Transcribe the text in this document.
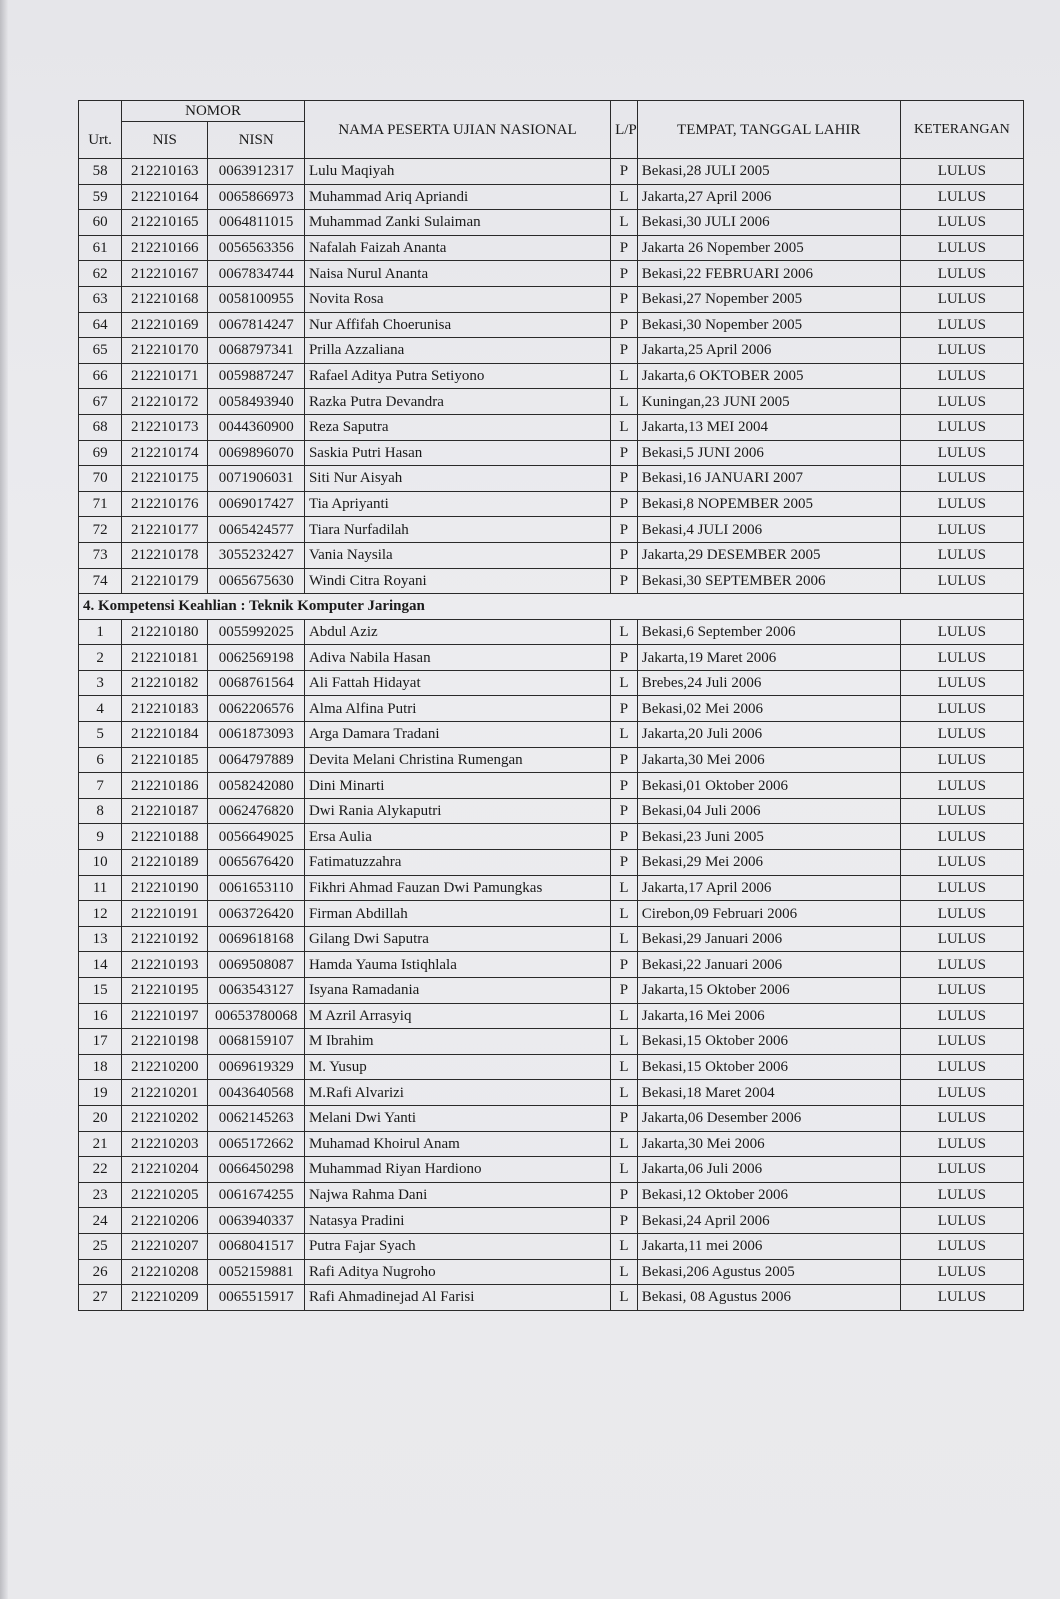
	NOMOR		NAMA PESERTA UJIAN NASIONAL	L/P	TEMPAT, TANGGAL LAHIR	KETERANGAN
Urt.	NIS	NISN				
58	212210163	0063912317	Lulu Maqiyah	P	Bekasi,28 JULI 2005	LULUS
59	212210164	0065866973	Muhammad Ariq Apriandi	L	Jakarta,27 April 2006	LULUS
60	212210165	0064811015	Muhammad Zanki Sulaiman	L	Bekasi,30 JULI 2006	LULUS
61	212210166	0056563356	Nafalah Faizah Ananta	P	Jakarta 26 Nopember 2005	LULUS
62	212210167	0067834744	Naisa Nurul Ananta	P	Bekasi,22 FEBRUARI 2006	LULUS
63	212210168	0058100955	Novita Rosa	P	Bekasi,27 Nopember 2005	LULUS
64	212210169	0067814247	Nur Affifah Choerunisa	P	Bekasi,30 Nopember 2005	LULUS
65	212210170	0068797341	Prilla Azzaliana	P	Jakarta,25 April 2006	LULUS
66	212210171	0059887247	Rafael Aditya Putra Setiyono	L	Jakarta,6 OKTOBER 2005	LULUS
67	212210172	0058493940	Razka Putra Devandra	L	Kuningan,23 JUNI 2005	LULUS
68	212210173	0044360900	Reza Saputra	L	Jakarta,13 MEI 2004	LULUS
69	212210174	0069896070	Saskia Putri Hasan	P	Bekasi,5 JUNI 2006	LULUS
70	212210175	0071906031	Siti Nur Aisyah	P	Bekasi,16 JANUARI 2007	LULUS
71	212210176	0069017427	Tia Apriyanti	P	Bekasi,8 NOPEMBER 2005	LULUS
72	212210177	0065424577	Tiara Nurfadilah	P	Bekasi,4 JULI 2006	LULUS
73	212210178	3055232427	Vania Naysila	P	Jakarta,29 DESEMBER 2005	LULUS
74	212210179	0065675630	Windi Citra Royani	P	Bekasi,30 SEPTEMBER 2006	LULUS
4. Kompetensi Keahlian : Teknik Komputer Jaringan						
1	212210180	0055992025	Abdul Aziz	L	Bekasi,6 September 2006	LULUS
2	212210181	0062569198	Adiva Nabila Hasan	P	Jakarta,19 Maret 2006	LULUS
3	212210182	0068761564	Ali Fattah Hidayat	L	Brebes,24 Juli 2006	LULUS
4	212210183	0062206576	Alma Alfina Putri	P	Bekasi,02 Mei 2006	LULUS
5	212210184	0061873093	Arga Damara Tradani	L	Jakarta,20 Juli 2006	LULUS
6	212210185	0064797889	Devita Melani Christina Rumengan	P	Jakarta,30 Mei 2006	LULUS
7	212210186	0058242080	Dini Minarti	P	Bekasi,01 Oktober 2006	LULUS
8	212210187	0062476820	Dwi Rania Alykaputri	P	Bekasi,04 Juli 2006	LULUS
9	212210188	0056649025	Ersa Aulia	P	Bekasi,23 Juni 2005	LULUS
10	212210189	0065676420	Fatimatuzzahra	P	Bekasi,29 Mei 2006	LULUS
11	212210190	0061653110	Fikhri Ahmad Fauzan Dwi Pamungkas	L	Jakarta,17 April 2006	LULUS
12	212210191	0063726420	Firman Abdillah	L	Cirebon,09 Februari 2006	LULUS
13	212210192	0069618168	Gilang Dwi Saputra	L	Bekasi,29 Januari 2006	LULUS
14	212210193	0069508087	Hamda Yauma Istiqhlala	P	Bekasi,22 Januari 2006	LULUS
15	212210195	0063543127	Isyana Ramadania	P	Jakarta,15 Oktober 2006	LULUS
16	212210197	00653780068	M Azril Arrasyiq	L	Jakarta,16 Mei 2006	LULUS
17	212210198	0068159107	M Ibrahim	L	Bekasi,15 Oktober 2006	LULUS
18	212210200	0069619329	M. Yusup	L	Bekasi,15 Oktober 2006	LULUS
19	212210201	0043640568	M.Rafi Alvarizi	L	Bekasi,18 Maret 2004	LULUS
20	212210202	0062145263	Melani Dwi Yanti	P	Jakarta,06 Desember 2006	LULUS
21	212210203	0065172662	Muhamad Khoirul Anam	L	Jakarta,30 Mei 2006	LULUS
22	212210204	0066450298	Muhammad Riyan Hardiono	L	Jakarta,06 Juli 2006	LULUS
23	212210205	0061674255	Najwa Rahma Dani	P	Bekasi,12 Oktober 2006	LULUS
24	212210206	0063940337	Natasya Pradini	P	Bekasi,24 April 2006	LULUS
25	212210207	0068041517	Putra Fajar Syach	L	Jakarta,11 mei 2006	LULUS
26	212210208	0052159881	Rafi Aditya Nugroho	L	Bekasi,206 Agustus 2005	LULUS
27	212210209	0065515917	Rafi Ahmadinejad Al Farisi	L	Bekasi, 08 Agustus 2006	LULUS
